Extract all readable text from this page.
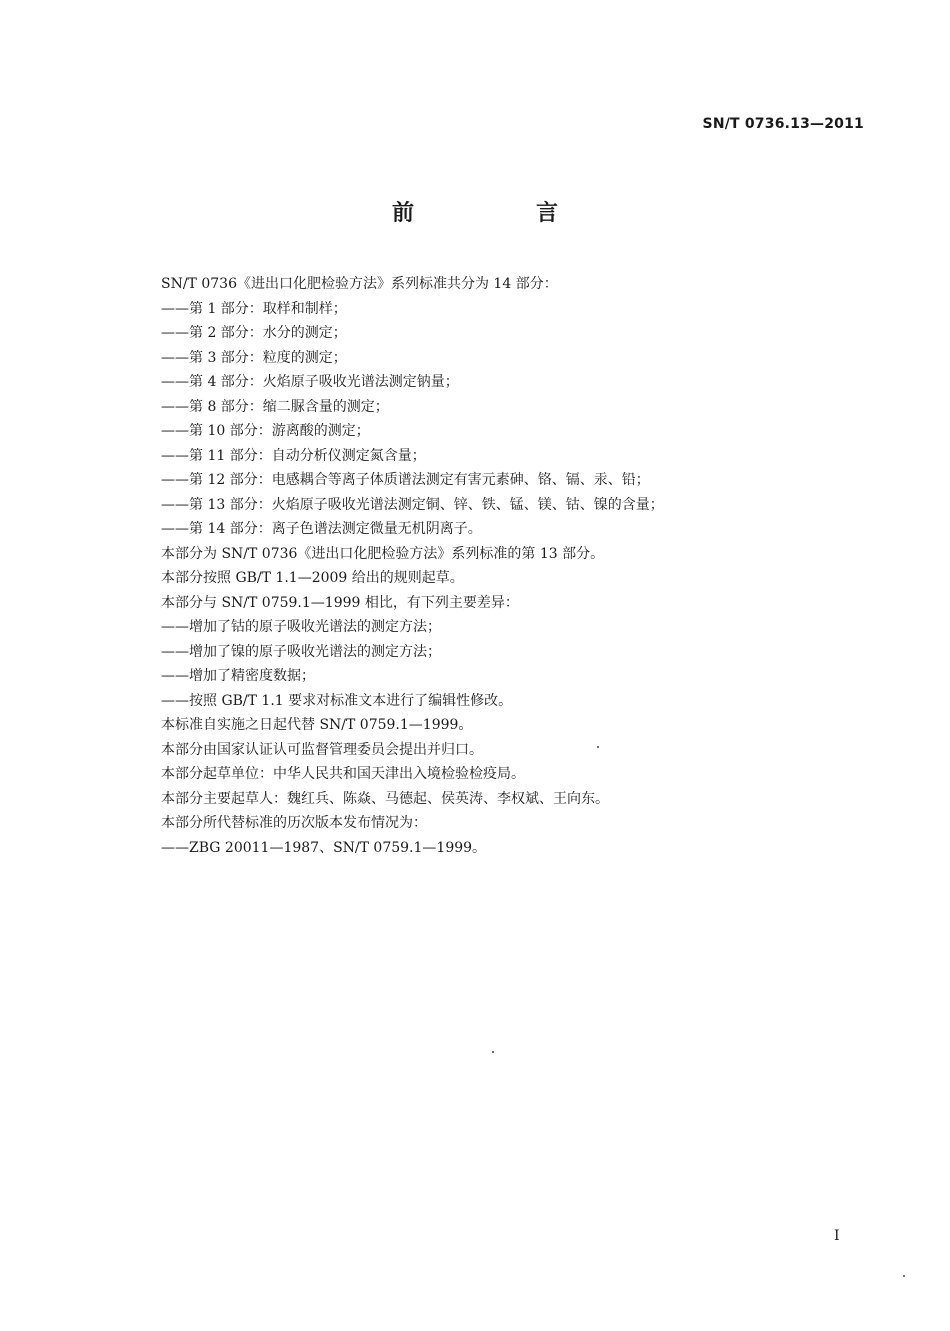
SN/T 0736.13—2011
前　言
SN/T 0736《进出口化肥检验方法》系列标准共分为 14 部分：
——第 1 部分：取样和制样；
——第 2 部分：水分的测定；
——第 3 部分：粒度的测定；
——第 4 部分：火焰原子吸收光谱法测定钠量；
——第 8 部分：缩二脲含量的测定；
——第 10 部分：游离酸的测定；
——第 11 部分：自动分析仪测定氮含量；
——第 12 部分：电感耦合等离子体质谱法测定有害元素砷、铬、镉、汞、铅；
——第 13 部分：火焰原子吸收光谱法测定铜、锌、铁、锰、镁、钴、镍的含量；
——第 14 部分：离子色谱法测定微量无机阴离子。
本部分为 SN/T 0736《进出口化肥检验方法》系列标准的第 13 部分。
本部分按照 GB/T 1.1—2009 给出的规则起草。
本部分与 SN/T 0759.1—1999 相比，有下列主要差异：
——增加了钴的原子吸收光谱法的测定方法；
——增加了镍的原子吸收光谱法的测定方法；
——增加了精密度数据；
——按照 GB/T 1.1 要求对标准文本进行了编辑性修改。
本标准自实施之日起代替 SN/T 0759.1—1999。
本部分由国家认证认可监督管理委员会提出并归口。
本部分起草单位：中华人民共和国天津出入境检验检疫局。
本部分主要起草人：魏红兵、陈焱、马德起、侯英涛、李权斌、王向东。
本部分所代替标准的历次版本发布情况为：
——ZBG 20011—1987、SN/T 0759.1—1999。
I
